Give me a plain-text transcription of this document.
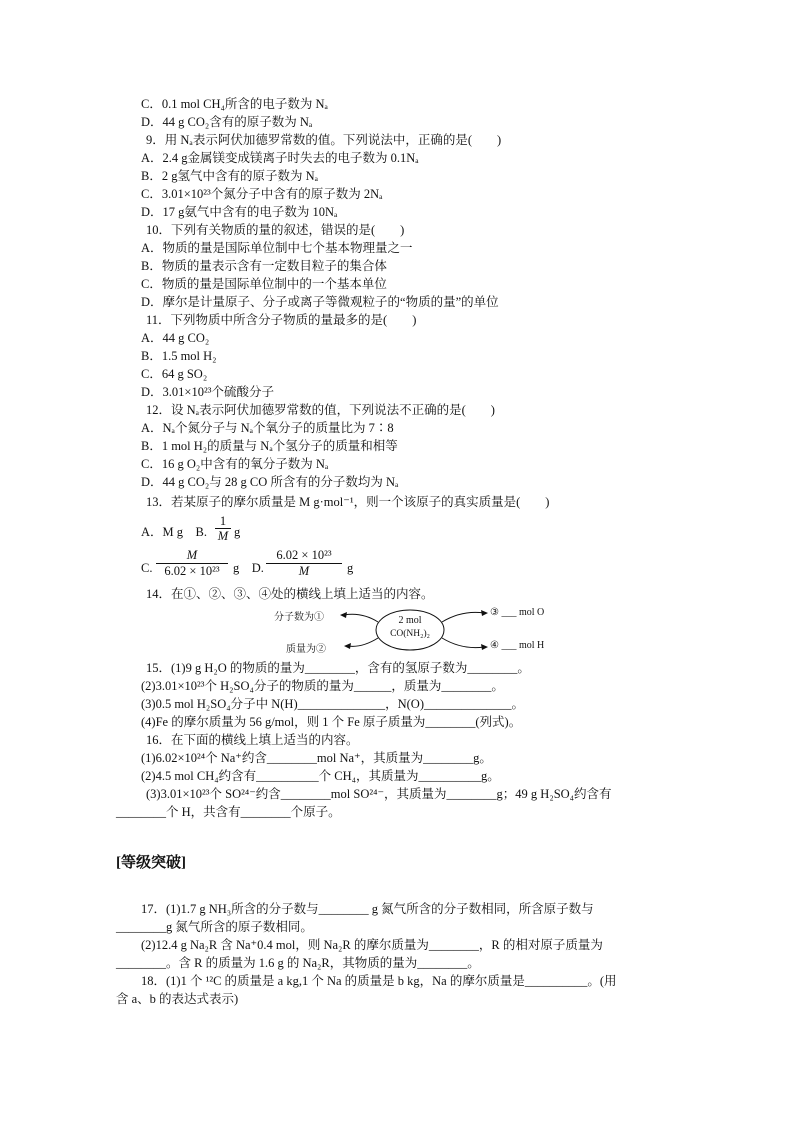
C．0.1 mol CH₄所含的电子数为 Nₐ
D．44 g CO₂含有的原子数为 Nₐ
9．用 Nₐ表示阿伏加德罗常数的值。下列说法中，正确的是(　　)
A．2.4 g金属镁变成镁离子时失去的电子数为 0.1Nₐ
B．2 g氢气中含有的原子数为 Nₐ
C．3.01×10²³个氮分子中含有的原子数为 2Nₐ
D．17 g氨气中含有的电子数为 10Nₐ
10．下列有关物质的量的叙述，错误的是(　　)
A．物质的量是国际单位制中七个基本物理量之一
B．物质的量表示含有一定数目粒子的集合体
C．物质的量是国际单位制中的一个基本单位
D．摩尔是计量原子、分子或离子等微观粒子的“物质的量”的单位
11．下列物质中所含分子物质的量最多的是(　　)
A．44 g CO₂
B．1.5 mol H₂
C．64 g SO₂
D．3.01×10²³个硫酸分子
12．设 Nₐ表示阿伏加德罗常数的值，下列说法不正确的是(　　)
A．Nₐ个氮分子与 Nₐ个氧分子的质量比为 7∶8
B．1 mol H₂的质量与 Nₐ个氢分子的质量和相等
C．16 g O₂中含有的氧分子数为 Nₐ
D．44 g CO₂与 28 g CO 所含有的分子数均为 Nₐ
13．若某原子的摩尔质量是 M g·mol⁻¹，则一个该原子的真实质量是(　　)
A．M g　B. $\frac{1}{M}$ g
C. $\frac{M}{\text{6.02 × 10²³}}$ g　D. $\frac{\text{6.02 × 10²³}}{M}$ g
14．在①、②、③、④处的横线上填上适当的内容。
2 mol
CO(NH₂)₂
分子数为①
质量为②
③ ___ mol O
④ ___ mol H
15．(1)9 g H₂O 的物质的量为________，含有的氢原子数为________。
(2)3.01×10²³个 H₂SO₄分子的物质的量为______，质量为________。
(3)0.5 mol H₂SO₄分子中 N(H)______________，N(O)______________。
(4)Fe 的摩尔质量为 56 g/mol，则 1 个 Fe 原子质量为________(列式)。
16．在下面的横线上填上适当的内容。
(1)6.02×10²⁴个 Na⁺约含________mol Na⁺，其质量为________g。
(2)4.5 mol CH₄约含有__________个 CH₄，其质量为__________g。
(3)3.01×10²³个 SO²⁴⁻约含________mol SO²⁴⁻，其质量为________g；49 g H₂SO₄约含有
________个 H，共含有________个原子。
[等级突破]
17．(1)1.7 g NH₃所含的分子数与________ g 氮气所含的分子数相同，所含原子数与
________g 氮气所含的原子数相同。
(2)12.4 g Na₂R 含 Na⁺0.4 mol，则 Na₂R 的摩尔质量为________，R 的相对原子质量为
________。含 R 的质量为 1.6 g 的 Na₂R，其物质的量为________。
18．(1)1 个 ¹²C 的质量是 a kg,1 个 Na 的质量是 b kg，Na 的摩尔质量是__________。(用
含 a、b 的表达式表示)
